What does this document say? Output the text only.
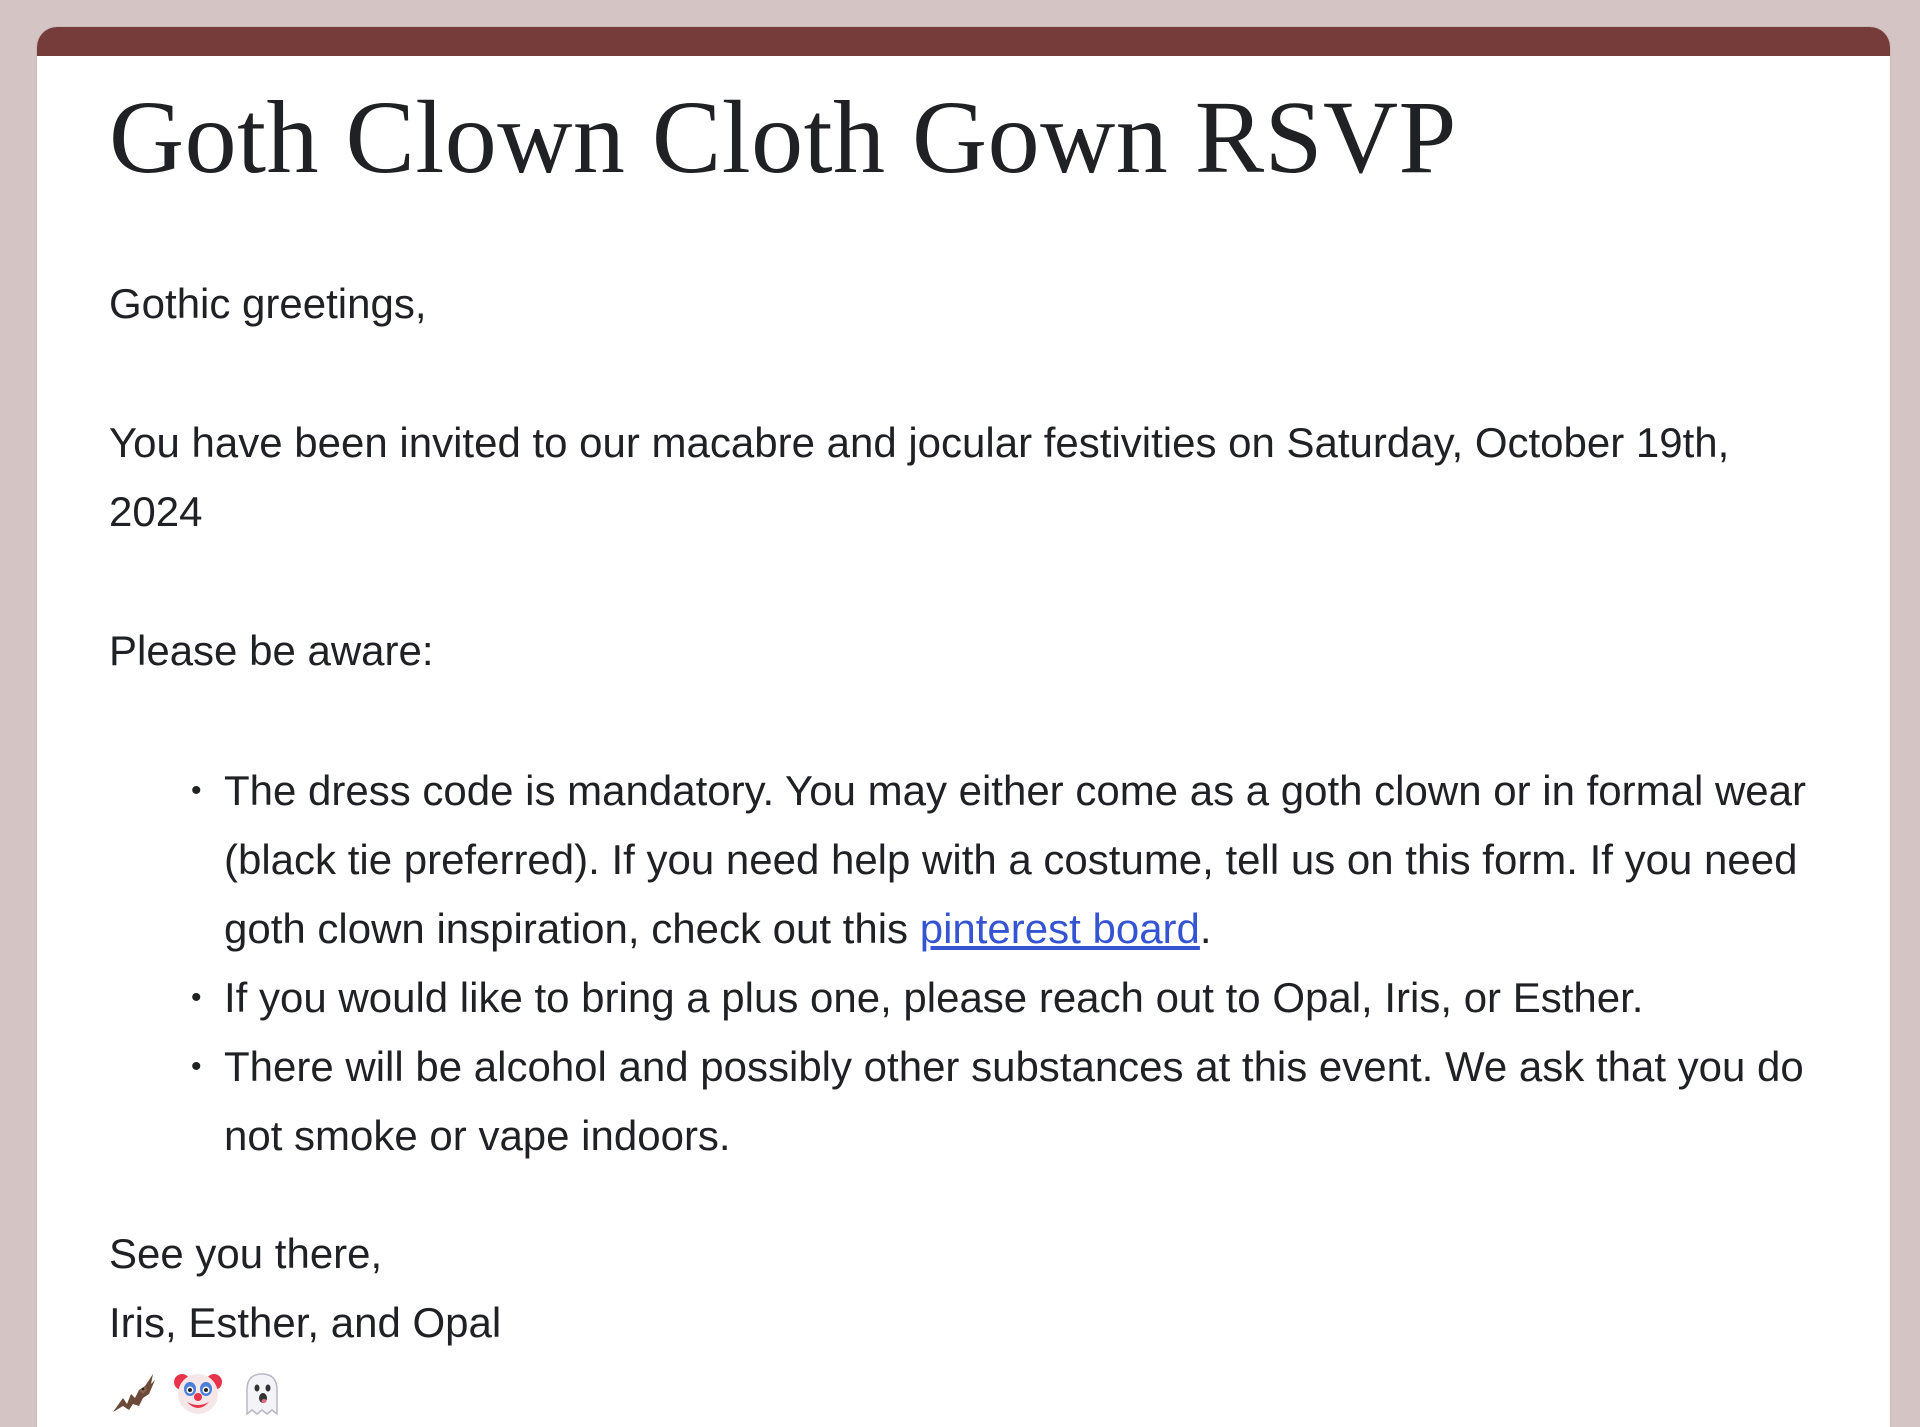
Goth Clown Cloth Gown RSVP

Gothic greetings,

You have been invited to our macabre and jocular festivities on Saturday, October 19th, 2024

Please be aware:

• The dress code is mandatory. You may either come as a goth clown or in formal wear (black tie preferred). If you need help with a costume, tell us on this form. If you need goth clown inspiration, check out this pinterest board.
• If you would like to bring a plus one, please reach out to Opal, Iris, or Esther.
• There will be alcohol and possibly other substances at this event. We ask that you do not smoke or vape indoors.

See you there,

Iris, Esther, and Opal
